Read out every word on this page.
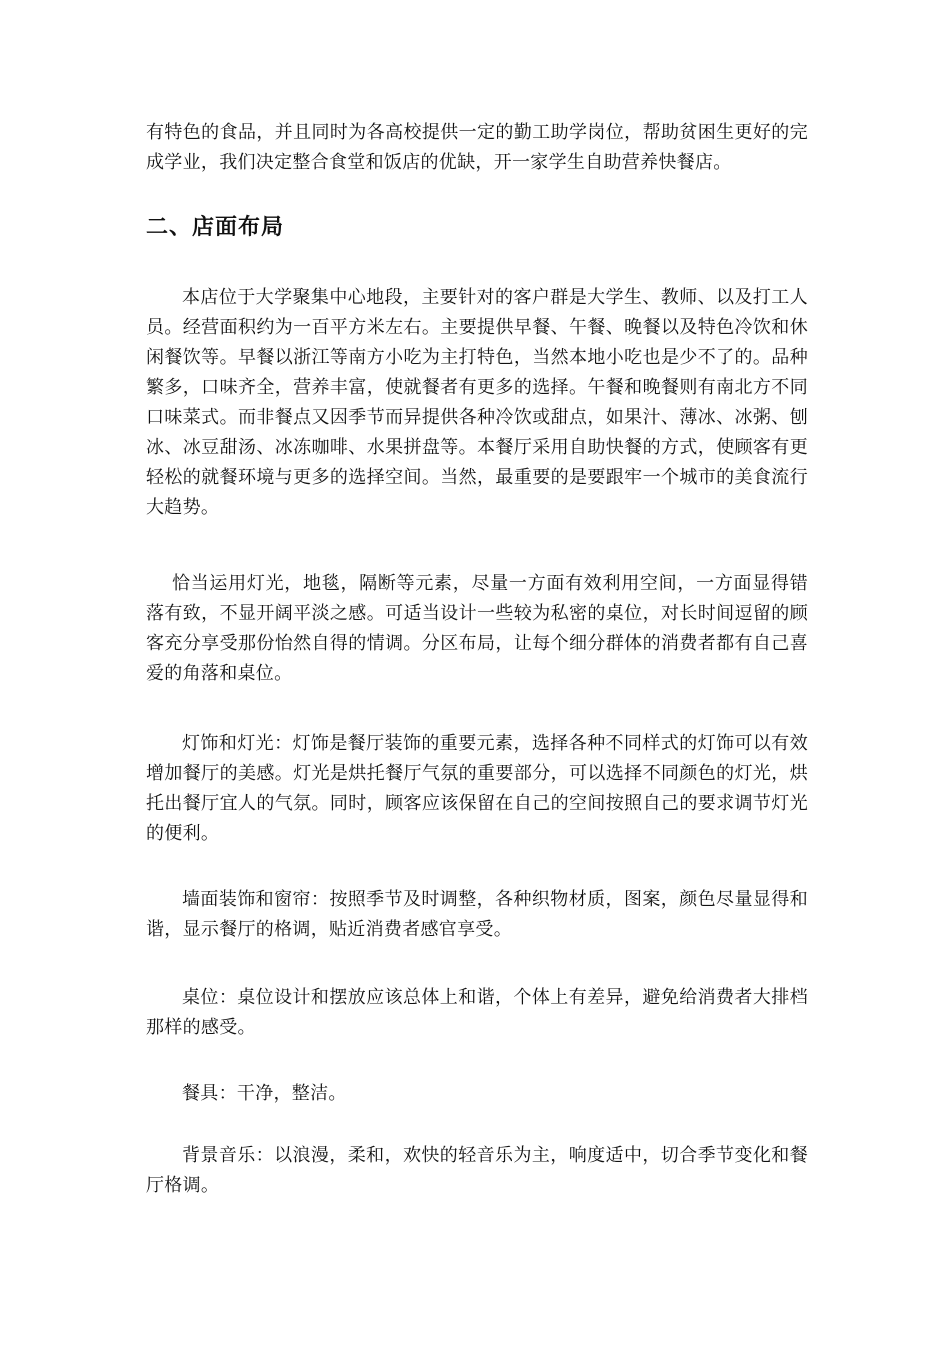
有特色的食品，并且同时为各高校提供一定的勤工助学岗位，帮助贫困生更好的完成学业，我们决定整合食堂和饭店的优缺，开一家学生自助营养快餐店。

二、店面布局

本店位于大学聚集中心地段，主要针对的客户群是大学生、教师、以及打工人员。经营面积约为一百平方米左右。主要提供早餐、午餐、晚餐以及特色冷饮和休闲餐饮等。早餐以浙江等南方小吃为主打特色，当然本地小吃也是少不了的。品种繁多，口味齐全，营养丰富，使就餐者有更多的选择。午餐和晚餐则有南北方不同口味菜式。而非餐点又因季节而异提供各种冷饮或甜点，如果汁、薄冰、冰粥、刨冰、冰豆甜汤、冰冻咖啡、水果拼盘等。本餐厅采用自助快餐的方式，使顾客有更轻松的就餐环境与更多的选择空间。当然，最重要的是要跟牢一个城市的美食流行大趋势。

恰当运用灯光，地毯，隔断等元素，尽量一方面有效利用空间，一方面显得错落有致，不显开阔平淡之感。可适当设计一些较为私密的桌位，对长时间逗留的顾客充分享受那份怡然自得的情调。分区布局，让每个细分群体的消费者都有自己喜爱的角落和桌位。

灯饰和灯光：灯饰是餐厅装饰的重要元素，选择各种不同样式的灯饰可以有效增加餐厅的美感。灯光是烘托餐厅气氛的重要部分，可以选择不同颜色的灯光，烘托出餐厅宜人的气氛。同时，顾客应该保留在自己的空间按照自己的要求调节灯光的便利。

墙面装饰和窗帘：按照季节及时调整，各种织物材质，图案，颜色尽量显得和谐，显示餐厅的格调，贴近消费者感官享受。

桌位：桌位设计和摆放应该总体上和谐，个体上有差异，避免给消费者大排档那样的感受。

餐具：干净，整洁。

背景音乐：以浪漫，柔和，欢快的轻音乐为主，响度适中，切合季节变化和餐厅格调。
